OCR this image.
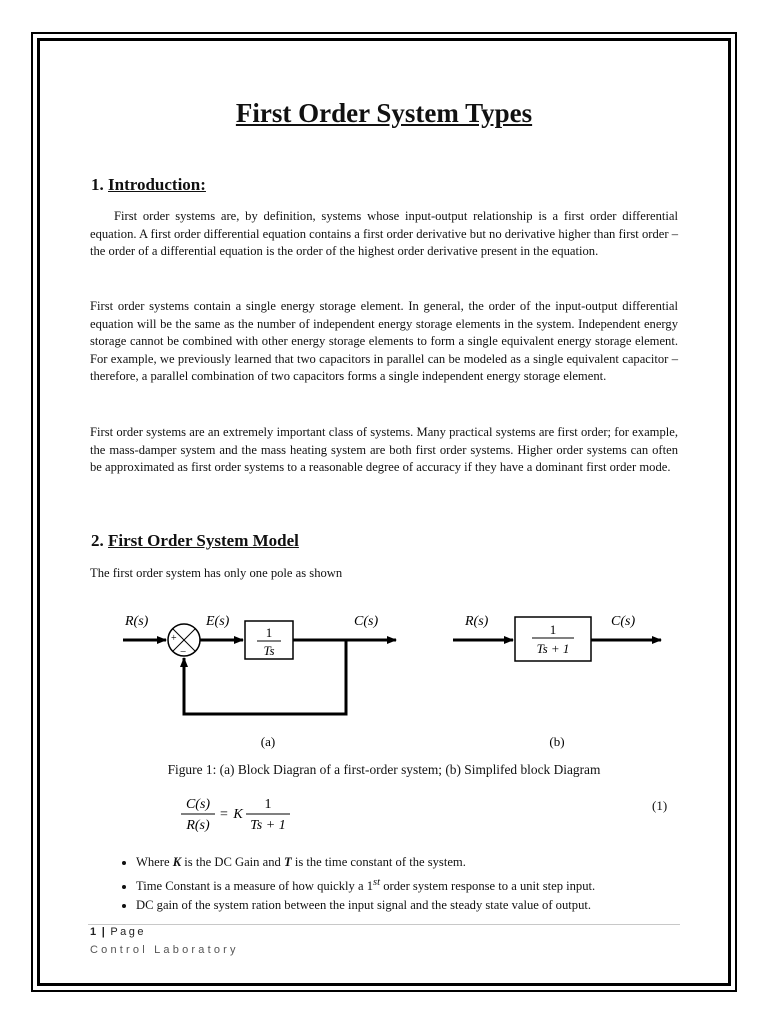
First Order System Types
1. Introduction:

First order systems are, by definition, systems whose input-output relationship is a first order differential equation. A first order differential equation contains a first order derivative but no derivative higher than first order – the order of a differential equation is the order of the highest order derivative present in the equation.

First order systems contain a single energy storage element. In general, the order of the input-output differential equation will be the same as the number of independent energy storage elements in the system. Independent energy storage cannot be combined with other energy storage elements to form a single equivalent energy storage element. For example, we previously learned that two capacitors in parallel can be modeled as a single equivalent capacitor – therefore, a parallel combination of two capacitors forms a single independent energy storage element.

First order systems are an extremely important class of systems. Many practical systems are first order; for example, the mass-damper system and the mass heating system are both first order systems. Higher order systems can often be approximated as first order systems to a reasonable degree of accuracy if they have a dominant first order mode.

2. First Order System Model
The first order system has only one pole as shown
+
−
1
Ts
R(s)	E(s)	C(s)
(a)
1
Ts + 1
R(s)	C(s)
(b)
C(s)
R(s)
= K
1
Ts + 1
Figure 1: (a) Block Diagran of a first-order system; (b) Simplifed block Diagram
(1)
• Where K is the DC Gain and T is the time constant of the system.
• Time Constant is a measure of how quickly a 1st order system response to a unit step input.
• DC gain of the system ration between the input signal and the steady state value of output.
1 | Page
Control Laboratory
